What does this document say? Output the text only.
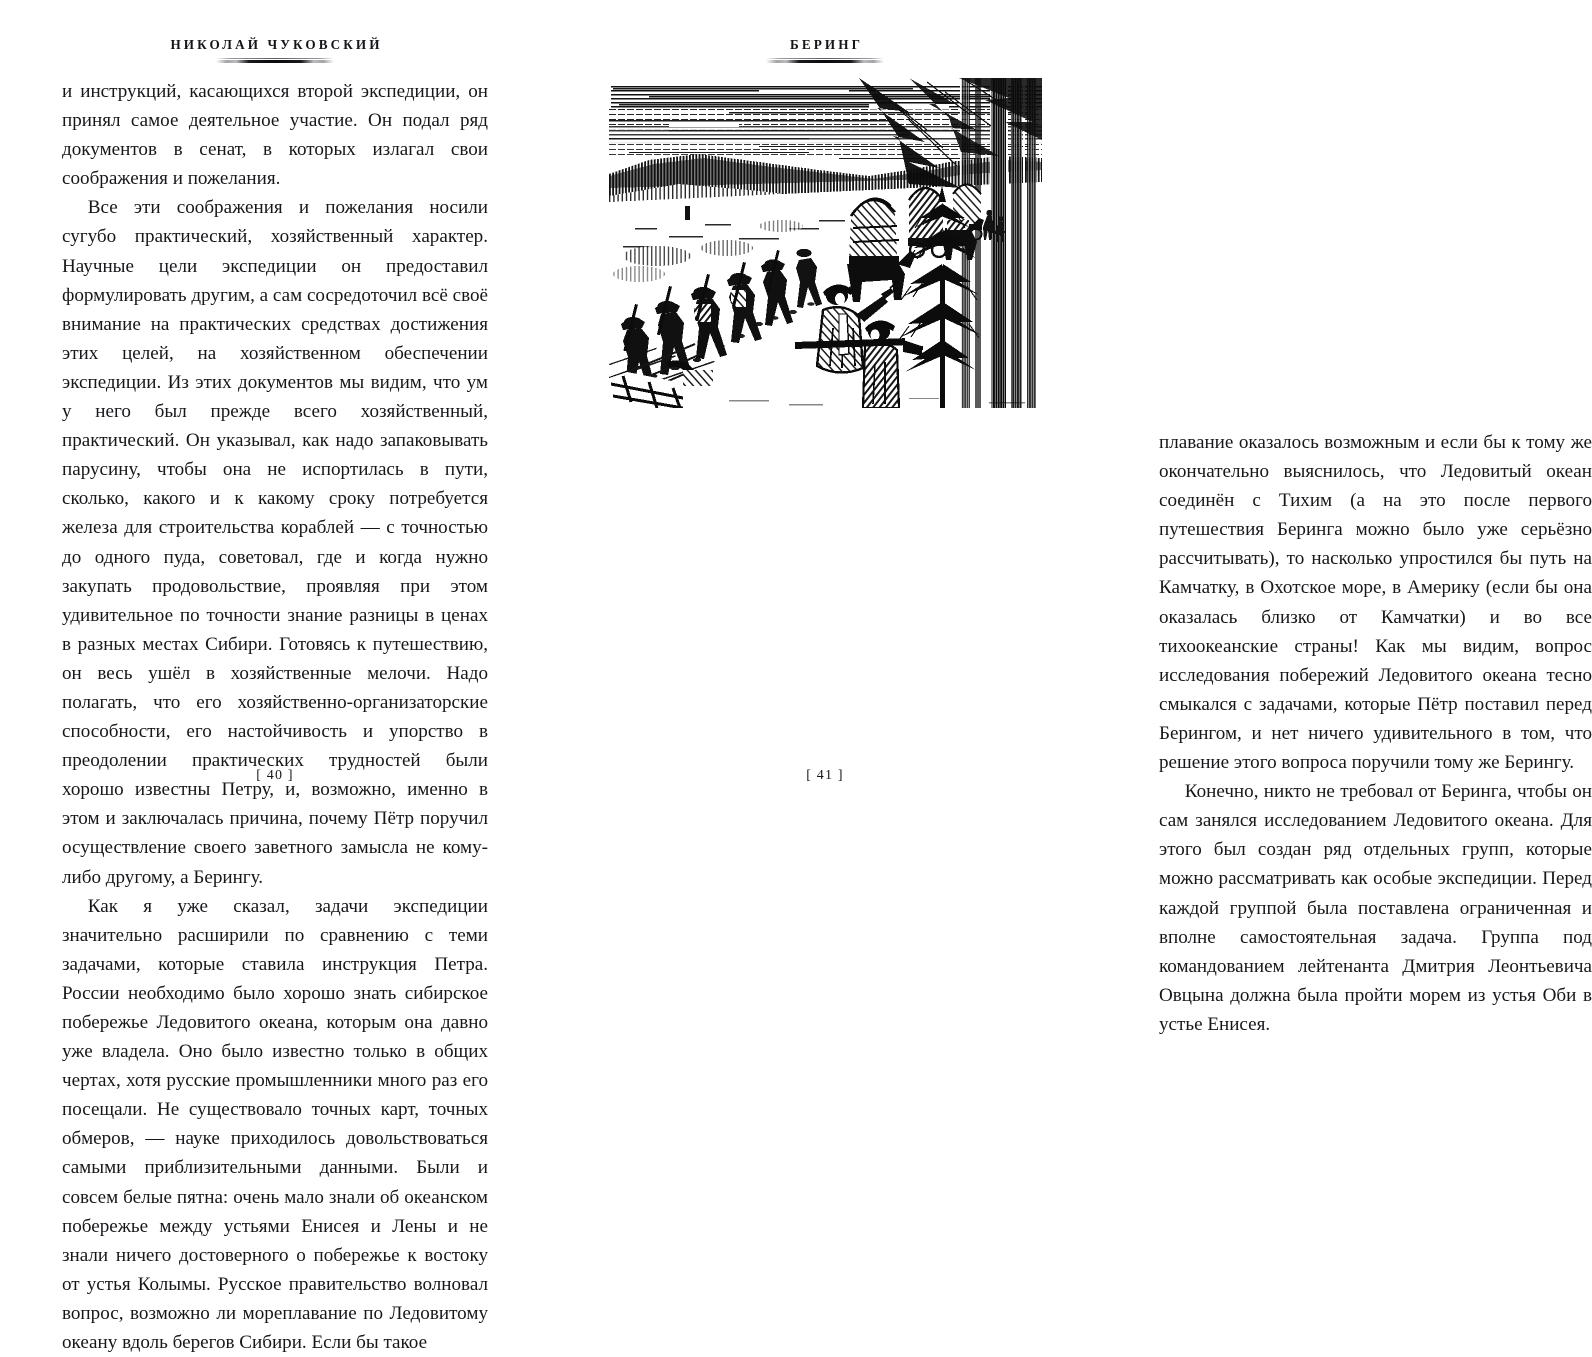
НИКОЛАЙ ЧУКОВСКИЙ

и инструкций, касающихся второй экспедиции, он принял самое деятельное участие. Он подал ряд документов в сенат, в которых излагал свои соображения и пожелания.

Все эти соображения и пожелания носили сугубо практический, хозяйственный характер. Научные цели экспедиции он предоставил формулировать другим, а сам сосредоточил всё своё внимание на практических средствах достижения этих целей, на хозяйственном обеспечении экспедиции. Из этих документов мы видим, что ум у него был прежде всего хозяйственный, практический. Он указывал, как надо запаковывать парусину, чтобы она не испортилась в пути, сколько, какого и к какому сроку потребуется железа для строительства кораблей — с точностью до одного пуда, советовал, где и когда нужно закупать продовольствие, проявляя при этом удивительное по точности знание разницы в ценах в разных местах Сибири. Готовясь к путешествию, он весь ушёл в хозяйственные мелочи. Надо полагать, что его хозяйственно-организаторские способности, его настойчивость и упорство в преодолении практических трудностей были хорошо известны Петру, и, возможно, именно в этом и заключалась причина, почему Пётр поручил осуществление своего заветного замысла не кому-либо другому, а Берингу.

Как я уже сказал, задачи экспедиции значительно расширили по сравнению с теми задачами, которые ставила инструкция Петра. России необходимо было хорошо знать сибирское побережье Ледовитого океана, которым она давно уже владела. Оно было известно только в общих чертах, хотя русские промышленники много раз его посещали. Не существовало точных карт, точных обмеров, — науке приходилось довольствоваться самыми приблизительными данными. Были и совсем белые пятна: очень мало знали об океанском побережье между устьями Енисея и Лены и не знали ничего достоверного о побережье к востоку от устья Колымы. Русское правительство волновал вопрос, возможно ли мореплавание по Ледовитому океану вдоль берегов Сибири. Если бы такое

[ 40 ]
БЕРИНГ

плавание оказалось возможным и если бы к тому же окончательно выяснилось, что Ледовитый океан соединён с Тихим (а на это после первого путешествия Беринга можно было уже серьёзно рассчитывать), то насколько упростился бы путь на Камчатку, в Охотское море, в Америку (если бы она оказалась близко от Камчатки) и во все тихоокеанские страны! Как мы видим, вопрос исследования побережий Ледовитого океана тесно смыкался с задачами, которые Пётр поставил перед Берингом, и нет ничего удивительного в том, что решение этого вопроса поручили тому же Берингу.

Конечно, никто не требовал от Беринга, чтобы он сам занялся исследованием Ледовитого океана. Для этого был создан ряд отдельных групп, которые можно рассматривать как особые экспедиции. Перед каждой группой была поставлена ограниченная и вполне самостоятельная задача. Группа под командованием лейтенанта Дмитрия Леонтьевича Овцына должна была пройти морем из устья Оби в устье Енисея.

[ 41 ]
